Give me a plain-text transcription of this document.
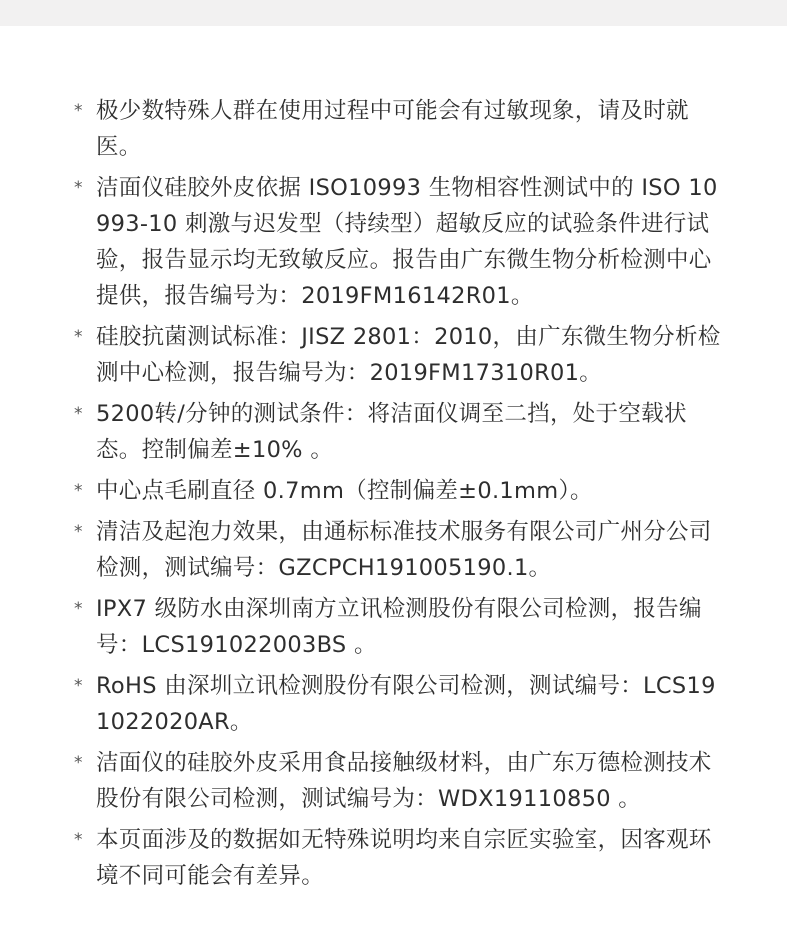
* 极少数特殊人群在使用过程中可能会有过敏现象，请及时就医。
* 洁面仪硅胶外皮依据 ISO10993 生物相容性测试中的 ISO 10993-10 刺激与迟发型（持续型）超敏反应的试验条件进行试验，报告显示均无致敏反应。报告由广东微生物分析检测中心提供，报告编号为：2019FM16142R01。
* 硅胶抗菌测试标准：JISZ 2801：2010，由广东微生物分析检测中心检测，报告编号为：2019FM17310R01。
* 5200转/分钟的测试条件：将洁面仪调至二挡，处于空载状态。控制偏差±10% 。
* 中心点毛刷直径 0.7mm（控制偏差±0.1mm）。
* 清洁及起泡力效果，由通标标准技术服务有限公司广州分公司检测，测试编号：GZCPCH191005190.1。
* IPX7 级防水由深圳南方立讯检测股份有限公司检测，报告编号：LCS191022003BS 。
* RoHS 由深圳立讯检测股份有限公司检测，测试编号：LCS191022020AR。
* 洁面仪的硅胶外皮采用食品接触级材料，由广东万德检测技术股份有限公司检测，测试编号为：WDX19110850 。
* 本页面涉及的数据如无特殊说明均来自宗匠实验室，因客观环境不同可能会有差异。
